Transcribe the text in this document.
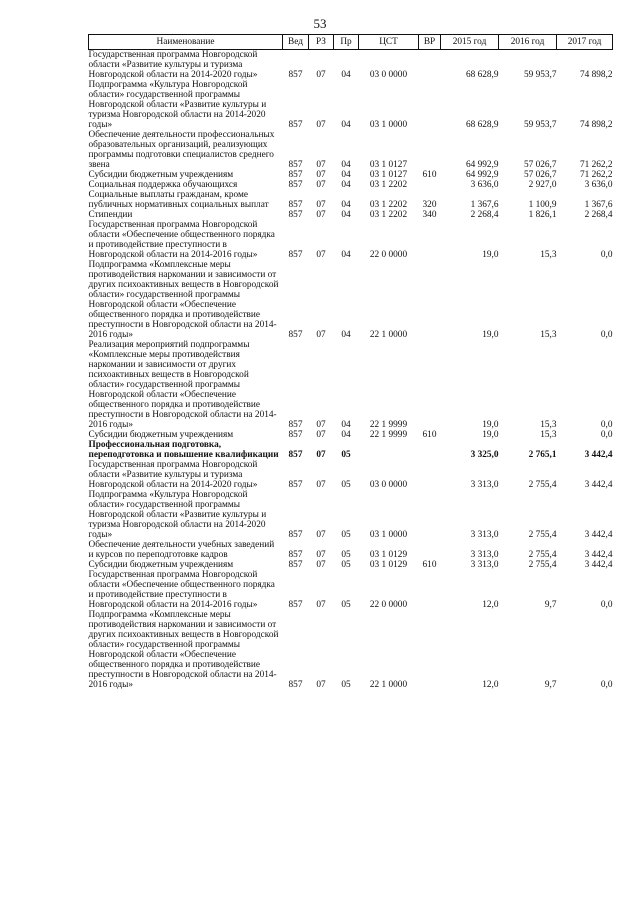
53
Наименование	Вед	РЗ	Пр	ЦСТ	ВР	2015 год	2016 год	2017 год
Государственная программа Новгородской области «Развитие культуры и туризма Новгородской области на 2014-2020 годы»	857	07	04	03 0 0000		68 628,9	59 953,7	74 898,2
Подпрограмма «Культура Новгородской области» государственной программы Новгородской области «Развитие культуры и туризма Новгородской области на 2014-2020 годы»	857	07	04	03 1 0000		68 628,9	59 953,7	74 898,2
Обеспечение деятельности профессиональных образовательных организаций, реализующих программы подготовки специалистов среднего звена	857	07	04	03 1 0127		64 992,9	57 026,7	71 262,2
Субсидии бюджетным учреждениям	857	07	04	03 1 0127	610	64 992,9	57 026,7	71 262,2
Социальная поддержка обучающихся	857	07	04	03 1 2202		3 636,0	2 927,0	3 636,0
Социальные выплаты гражданам, кроме публичных нормативных социальных выплат	857	07	04	03 1 2202	320	1 367,6	1 100,9	1 367,6
Стипендии	857	07	04	03 1 2202	340	2 268,4	1 826,1	2 268,4
Государственная программа Новгородской области «Обеспечение общественного порядка и противодействие преступности в Новгородской области на 2014-2016 годы»	857	07	04	22 0 0000		19,0	15,3	0,0
Подпрограмма «Комплексные меры противодействия наркомании и зависимости от других психоактивных веществ в Новгородской области» государственной программы Новгородской области «Обеспечение общественного порядка и противодействие преступности в Новгородской области на 2014-2016 годы»	857	07	04	22 1 0000		19,0	15,3	0,0
Реализация мероприятий подпрограммы «Комплексные меры противодействия наркомании и зависимости от других психоактивных веществ в Новгородской области» государственной программы Новгородской области «Обеспечение общественного порядка и противодействие преступности в Новгородской области на 2014-2016 годы»	857	07	04	22 1 9999		19,0	15,3	0,0
Субсидии бюджетным учреждениям	857	07	04	22 1 9999	610	19,0	15,3	0,0
Профессиональная подготовка, переподготовка и повышение квалификации	857	07	05			3 325,0	2 765,1	3 442,4
Государственная программа Новгородской области «Развитие культуры и туризма Новгородской области на 2014-2020 годы»	857	07	05	03 0 0000		3 313,0	2 755,4	3 442,4
Подпрограмма «Культура Новгородской области» государственной программы Новгородской области «Развитие культуры и туризма Новгородской области на 2014-2020 годы»	857	07	05	03 1 0000		3 313,0	2 755,4	3 442,4
Обеспечение деятельности учебных заведений и курсов по переподготовке кадров	857	07	05	03 1 0129		3 313,0	2 755,4	3 442,4
Субсидии бюджетным учреждениям	857	07	05	03 1 0129	610	3 313,0	2 755,4	3 442,4
Государственная программа Новгородской области «Обеспечение общественного порядка и противодействие преступности в Новгородской области на 2014-2016 годы»	857	07	05	22 0 0000		12,0	9,7	0,0
Подпрограмма «Комплексные меры противодействия наркомании и зависимости от других психоактивных веществ в Новгородской области» государственной программы Новгородской области «Обеспечение общественного порядка и противодействие преступности в Новгородской области на 2014-2016 годы»	857	07	05	22 1 0000		12,0	9,7	0,0
